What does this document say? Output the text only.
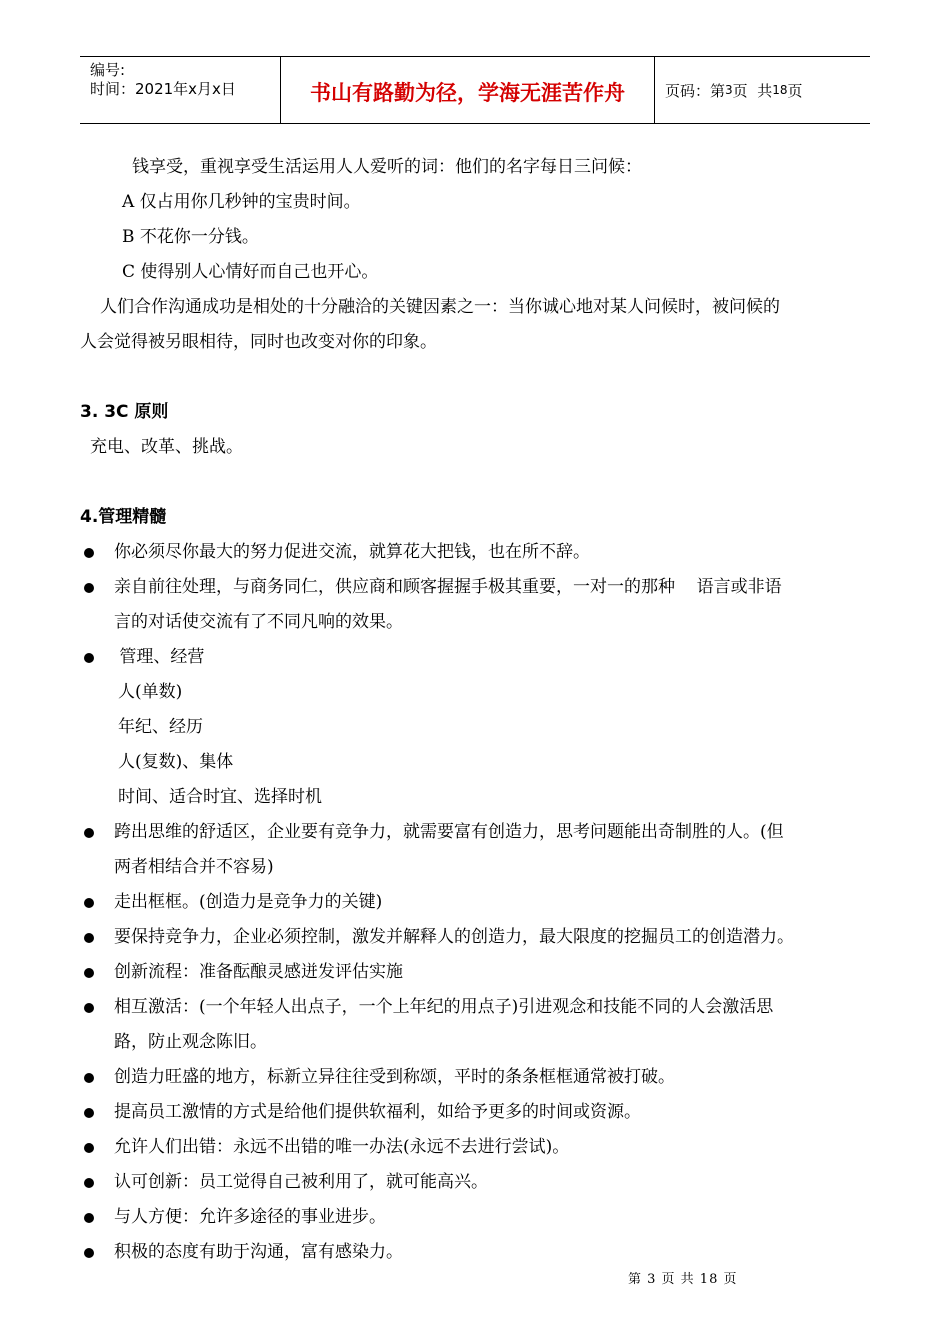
编号:
时间：2021年x月x日	书山有路勤为径，学海无涯苦作舟	页码：第 3 页  共 18 页
钱享受，重视享受生活运用人人爱听的词：他们的名字每日三问候：
A 仅占用你几秒钟的宝贵时间。
B 不花你一分钱。
C 使得别人心情好而自己也开心。
人们合作沟通成功是相处的十分融洽的关键因素之一：当你诚心地对某人问候时，被问候的
人会觉得被另眼相待，同时也改变对你的印象。
3. 3C 原则
充电、改革、挑战。
4.管理精髓
你必须尽你最大的努力促进交流，就算花大把钱，也在所不辞。
亲自前往处理，与商务同仁，供应商和顾客握握手极其重要，一对一的那种    语言或非语
言的对话使交流有了不同凡响的效果。
管理、经营
人(单数)
年纪、经历
人(复数)、集体
时间、适合时宜、选择时机
跨出思维的舒适区，企业要有竞争力，就需要富有创造力，思考问题能出奇制胜的人。(但
两者相结合并不容易)
走出框框。(创造力是竞争力的关键)
要保持竞争力，企业必须控制，激发并解释人的创造力，最大限度的挖掘员工的创造潜力。
创新流程：准备酝酿灵感迸发评估实施
相互激活：(一个年轻人出点子，一个上年纪的用点子)引进观念和技能不同的人会激活思
路，防止观念陈旧。
创造力旺盛的地方，标新立异往往受到称颂，平时的条条框框通常被打破。
提高员工激情的方式是给他们提供软福利，如给予更多的时间或资源。
允许人们出错：永远不出错的唯一办法(永远不去进行尝试)。
认可创新：员工觉得自己被利用了，就可能高兴。
与人方便：允许多途径的事业进步。
积极的态度有助于沟通，富有感染力。
第 3 页 共 18 页
